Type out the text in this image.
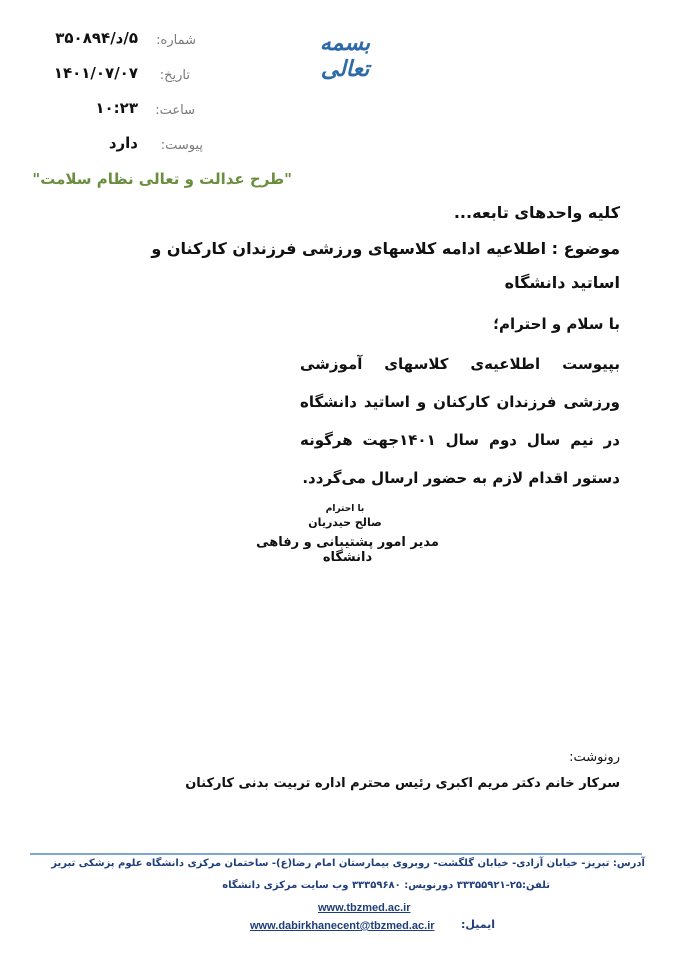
شماره:
۵/د/۳۵۰۸۹۴
تاریخ:
۱۴۰۱/۰۷/۰۷
ساعت:
۱۰:۲۳
پیوست:
دارد
بسمه تعالی
"طرح عدالت و تعالی نظام سلامت"
کلیه واحدهای تابعه...
موضوع : اطلاعیه ادامه کلاسهای ورزشی فرزندان کارکنان و
اساتید دانشگاه
با سلام و احترام؛
بپیوست اطلاعیه‌ی کلاسهای آموزشی ورزشی فرزندان کارکنان و اساتید دانشگاه در نیم سال دوم سال ۱۴۰۱جهت هرگونه دستور اقدام لازم به حضور ارسال می‌گردد.
با احترام
صالح حیدریان
مدیر امور پشتیبانی و رفاهی دانشگاه
رونوشت:
سرکار خانم دکتر مریم اکبری رئیس محترم اداره تربیت بدنی کارکنان
آدرس: تبریز- خیابان آزادی- خیابان گلگشت- روبروی بیمارستان امام رضا(ع)- ساختمان مرکزی دانشگاه علوم پزشکی تبریز
تلفن:۲۵-۳۳۳۵۵۹۲۱ دورنویس: ۳۳۳۵۹۶۸۰ وب سایت مرکزی دانشگاه
www.tbzmed.ac.ir
ایمیل:
www.dabirkhanecent@tbzmed.ac.ir
